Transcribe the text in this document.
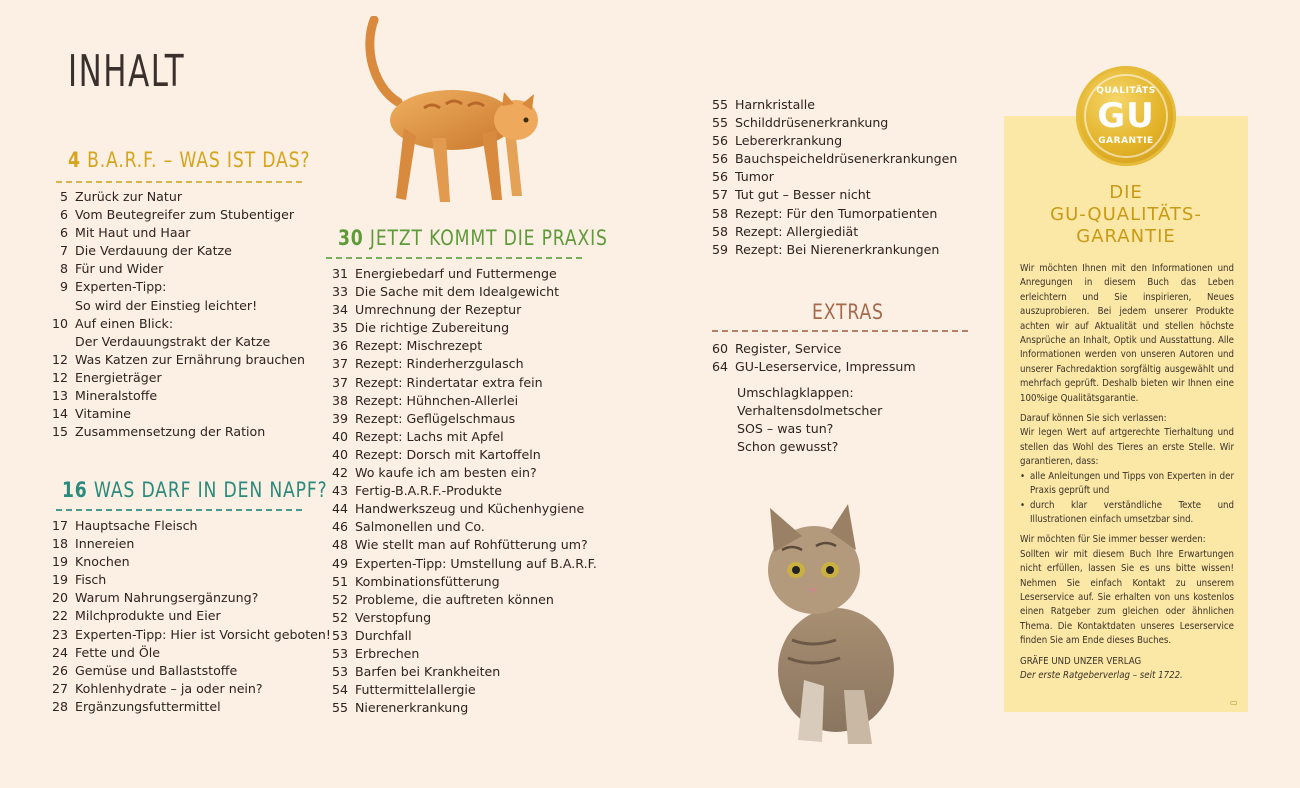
INHALT
4 B.A.R.F. – WAS IST DAS?
5 Zurück zur Natur
6 Vom Beutegreifer zum Stubentiger
6 Mit Haut und Haar
7 Die Verdauung der Katze
8 Für und Wider
9 Experten-Tipp:
So wird der Einstieg leichter!
10 Auf einen Blick:
Der Verdauungstrakt der Katze
12 Was Katzen zur Ernährung brauchen
12 Energieträger
13 Mineralstoffe
14 Vitamine
15 Zusammensetzung der Ration
16 WAS DARF IN DEN NAPF?
17 Hauptsache Fleisch
18 Innereien
19 Knochen
19 Fisch
20 Warum Nahrungsergänzung?
22 Milchprodukte und Eier
23 Experten-Tipp: Hier ist Vorsicht geboten!
24 Fette und Öle
26 Gemüse und Ballaststoffe
27 Kohlenhydrate – ja oder nein?
28 Ergänzungsfuttermittel
30 JETZT KOMMT DIE PRAXIS
31 Energiebedarf und Futtermenge
33 Die Sache mit dem Idealgewicht
34 Umrechnung der Rezeptur
35 Die richtige Zubereitung
36 Rezept: Mischrezept
37 Rezept: Rinderherzgulasch
37 Rezept: Rindertatar extra fein
38 Rezept: Hühnchen-Allerlei
39 Rezept: Geflügelschmaus
40 Rezept: Lachs mit Apfel
40 Rezept: Dorsch mit Kartoffeln
42 Wo kaufe ich am besten ein?
43 Fertig-B.A.R.F.-Produkte
44 Handwerkszeug und Küchenhygiene
46 Salmonellen und Co.
48 Wie stellt man auf Rohfütterung um?
49 Experten-Tipp: Umstellung auf B.A.R.F.
51 Kombinationsfütterung
52 Probleme, die auftreten können
52 Verstopfung
53 Durchfall
53 Erbrechen
53 Barfen bei Krankheiten
54 Futtermittelallergie
55 Nierenerkrankung
55 Harnkristalle
55 Schilddrüsenerkrankung
56 Lebererkrankung
56 Bauchspeicheldrüsenerkrankungen
56 Tumor
57 Tut gut – Besser nicht
58 Rezept: Für den Tumorpatienten
58 Rezept: Allergiediät
59 Rezept: Bei Nierenerkrankungen
EXTRAS
60 Register, Service
64 GU-Leserservice, Impressum
Umschlagklappen:
Verhaltensdolmetscher
SOS – was tun?
Schon gewusst?
DIE
GU-QUALITÄTS-
GARANTIE

Wir möchten Ihnen mit den Informationen und Anregungen in diesem Buch das Leben erleichtern und Sie inspirieren, Neues auszuprobieren. Bei jedem unserer Produkte achten wir auf Aktualität und stellen höchste Ansprüche an Inhalt, Optik und Ausstattung. Alle Informationen werden von unseren Autoren und unserer Fachredaktion sorgfältig ausgewählt und mehrfach geprüft. Deshalb bieten wir Ihnen eine 100%ige Qualitätsgarantie.

Darauf können Sie sich verlassen:

Wir legen Wert auf artgerechte Tierhaltung und stellen das Wohl des Tieres an erste Stelle. Wir garantieren, dass:

• alle Anleitungen und Tipps von Experten in der Praxis geprüft und
• durch klar verständliche Texte und Illustrationen einfach umsetzbar sind.

Wir möchten für Sie immer besser werden:

Sollten wir mit diesem Buch Ihre Erwartungen nicht erfüllen, lassen Sie es uns bitte wissen! Nehmen Sie einfach Kontakt zu unserem Leserservice auf. Sie erhalten von uns kostenlos einen Ratgeber zum gleichen oder ähnlichen Thema. Die Kontaktdaten unseres Leserservice finden Sie am Ende dieses Buches.

GRÄFE UND UNZER VERLAG

Der erste Ratgeberverlag – seit 1722.

QUALITÄTS
GU
GARANTIE
▭
